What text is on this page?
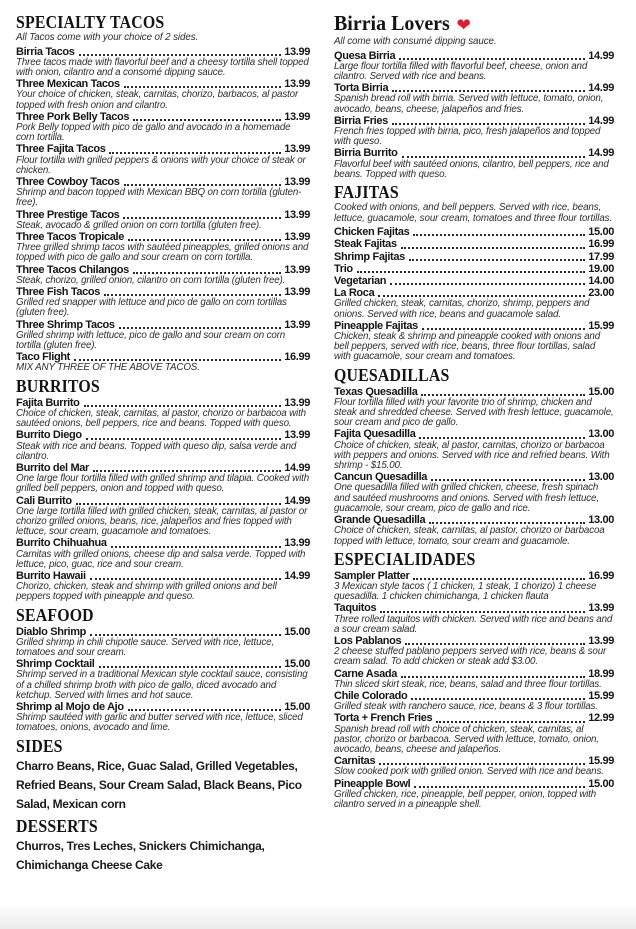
SPECIALTY TACOS

All Tacos come with your choice of 2 sides.

Birria Tacos	13.99

Three tacos made with flavorful beef and a cheesy tortilla shell topped with onion, cilantro and a consomé dipping sauce.

Three Mexican Tacos	13.99

Your choice of chicken, steak, carnitas, chorizo, barbacos, al pastor topped with fresh onion and cilantro.

Three Pork Belly Tacos	13.99

Pork Belly topped with pico de gallo and avocado in a homemade corn tortilla.

Three Fajita Tacos	13.99

Flour tortilla with grilled peppers & onions with your choice of steak or chicken.

Three Cowboy Tacos	13.99

Shrimp and bacon topped with Mexican BBQ on corn tortilla (gluten-free).

Three Prestige Tacos	13.99

Steak, avocado & grilled onion on corn tortilla (gluten free).

Three Tacos Tropicale	13.99

Three grilled shrimp tacos with sautéed pineapples, grilled onions and topped with pico de gallo and sour cream on corn tortilla.

Three Tacos Chilangos	13.99

Steak, chorizo, grilled onion, cilantro on corn tortilla (gluten free).

Three Fish Tacos	13.99

Grilled red snapper with lettuce and pico de gallo on corn tortillas (gluten free).

Three Shrimp Tacos	13.99

Grilled shrimp with lettuce, pico de gallo and sour cream on corn tortilla (gluten free).

Taco Flight	16.99

MIX ANY THREE OF THE ABOVE TACOS.

BURRITOS
Fajita Burrito	13.99

Choice of chicken, steak, carnitas, al pastor, chorizo or barbacoa with sautéed onions, bell peppers, rice and beans. Topped with queso.

Burrito Diego	13.99

Steak with rice and beans. Topped with queso dip, salsa verde and cilantro.

Burrito del Mar	14.99

One large flour tortilla filled with grilled shrimp and tilapia. Cooked with grilled bell peppers, onion and topped with queso.

Cali Burrito	14.99

One large tortilla filled with grilled chicken, steak, carnitas, al pastor or chorizo grilled onions, beans, rice, jalapeños and fries topped with lettuce, sour cream, guacamole and tomatoes.

Burrito Chihuahua	13.99

Carnitas with grilled onions, cheese dip and salsa verde. Topped with lettuce, pico, guac, rice and sour cream.

Burrito Hawaii	14.99

Chorizo, chicken, steak and shrimp with grilled onions and bell peppers topped with pineapple and queso.

SEAFOOD
Diablo Shrimp	15.00

Grilled shrimp in chili chipotle sauce. Served with rice, lettuce, tomatoes and sour cream.

Shrimp Cocktail	15.00

Shrimp served in a traditional Mexican style cocktail sauce, consisting of a chilled shrimp broth with pico de gallo, diced avocado and ketchup. Served with limes and hot sauce.

Shrimp al Mojo de Ajo	15.00

Shrimp sautéed with garlic and butter served with rice, lettuce, sliced tomatoes, onions, avocado and lime.

SIDES

Charro Beans, Rice, Guac Salad, Grilled Vegetables, Refried Beans, Sour Cream Salad, Black Beans, Pico Salad, Mexican corn

DESSERTS

Churros, Tres Leches, Snickers Chimichanga, Chimichanga Cheese Cake

Birria Lovers ❤

All come with consumé dipping sauce.

Quesa Birria	14.99

Large flour tortilla filled with flavorful beef, cheese, onion and cilantro. Served with rice and beans.

Torta Birria	14.99

Spanish bread roll with birria. Served with lettuce, tomato, onion, avocado, beans, cheese, jalapeños and fries.

Birria Fries	14.99

French fries topped with birria, pico, fresh jalapeños and topped with queso.

Birria Burrito	14.99

Flavorful beef with sautéed onions, cilantro, bell peppers, rice and beans. Topped with queso.

FAJITAS

Cooked with onions, and bell peppers. Served with rice, beans, lettuce, guacamole, sour cream, tomatoes and three flour tortillas.

Chicken Fajitas	15.00
Steak Fajitas	16.99
Shrimp Fajitas	17.99
Trio	19.00
Vegetarian	14.00
La Roca	23.00

Grilled chicken, steak, carnitas, chorizo, shrimp, peppers and onions. Served with rice, beans and guacamole salad.

Pineapple Fajitas	15.99

Chicken, steak & shrimp and pineapple cooked with onions and bell peppers, served with rice, beans, three flour tortillas, salad with guacamole, sour cream and tomatoes.

QUESADILLAS
Texas Quesadilla	15.00

Flour tortilla filled with your favorite trio of shrimp, chicken and steak and shredded cheese. Served with fresh lettuce, guacamole, sour cream and pico de gallo.

Fajita Quesadilla	13.00

Choice of chicken, steak, al pastor, carnitas, chorizo or barbacoa with peppers and onions. Served with rice and refried beans. With shrimp - $15.00.

Cancun Quesadilla	13.00

One quesadilla filled with grilled chicken, cheese, fresh spinach and sautéed mushrooms and onions. Served with fresh lettuce, guacamole, sour cream, pico de gallo and rice.

Grande Quesadilla	13.00

Choice of chicken, steak, carnitas, al pastor, chorizo or barbacoa topped with lettuce, tomato, sour cream and guacamole.

ESPECIALIDADES
Sampler Platter	16.99

3 Mexican style tacos ( 1 chicken, 1 steak, 1 chorizo) 1 cheese quesadilla. 1 chicken chimichanga, 1 chicken flauta

Taquitos	13.99

Three rolled taquitos with chicken. Served with rice and beans and a sour cream salad.

Los Pablanos	13.99

2 cheese stuffed pablano peppers served with rice, beans & sour cream salad. To add chicken or steak add $3.00.

Carne Asada	18.99

Thin sliced skirt steak, rice, beans, salad and three flour tortillas.

Chile Colorado	15.99

Grilled steak with ranchero sauce, rice, beans & 3 flour tortillas.

Torta + French Fries	12.99

Spanish bread roll with choice of chicken, steak, carnitas, al pastor, chorizo or barbacoa. Served with lettuce, tomato, onion, avocado, beans, cheese and jalapeños.

Carnitas	15.99

Slow cooked pork with grilled onion. Served with rice and beans.

Pineapple Bowl	15.00

Grilled chicken, rice, pineapple, bell pepper, onion, topped with cilantro served in a pineapple shell.
